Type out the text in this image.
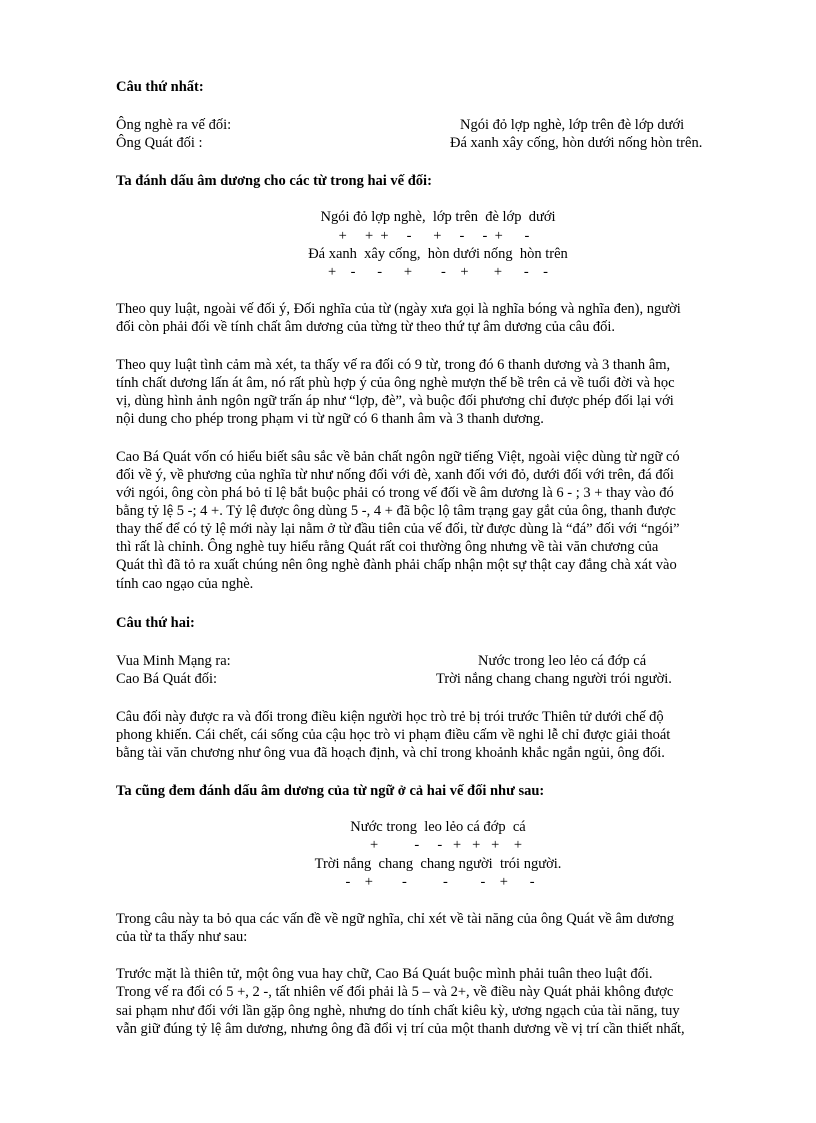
Câu thứ nhất:
Ông nghè ra vế đối:	Ngói đỏ lợp nghè, lớp trên đè lớp dưới
Ông Quát đối :	Đá xanh xây cống, hòn dưới nống hòn trên.
Ta đánh dấu âm dương cho các từ trong hai vế đối:
Ngói đỏ lợp nghè,  lớp trên  đè lớp  dưới
+     +  +     -      +     -     -  +      -
Đá xanh  xây cống,  hòn dưới nống  hòn trên
+    -      -      +        -    +       +      -    -
Theo quy luật, ngoài vế đối ý, Đối nghĩa của từ (ngày xưa gọi là nghĩa bóng và nghĩa đen), người
đối còn phải đối về tính chất âm dương của từng từ theo thứ tự âm dương của câu đối.
Theo quy luật tình cảm mà xét, ta thấy vế ra đối có 9 từ, trong đó 6 thanh dương và 3 thanh âm,
tính chất dương lấn át âm, nó rất phù hợp ý của ông nghè mượn thế bề trên cả về tuổi đời và học
vị, dùng hình ảnh ngôn ngữ trấn áp như “lợp, đè”, và buộc đối phương chỉ được phép đối lại với
nội dung cho phép trong phạm vi từ ngữ có 6 thanh âm và 3 thanh dương.
Cao Bá Quát vốn có hiểu biết sâu sắc về bản chất ngôn ngữ tiếng Việt, ngoài việc dùng từ ngữ có
đối về ý, về phương của nghĩa từ như nống đối với đè, xanh đối với đỏ, dưới đối với trên, đá đối
với ngói, ông còn phá bỏ tỉ lệ bắt buộc phải có trong vế đối về âm dương là 6 - ; 3 + thay vào đó
bằng tỷ lệ 5 -; 4 +. Tỷ lệ được ông dùng 5 -, 4 + đã bộc lộ tâm trạng gay gắt của ông, thanh được
thay thế để có tỷ lệ mới này lại nằm ở từ đầu tiên của vế đối, từ được dùng là “đá” đối với “ngói”
thì rất là chỉnh. Ông nghè tuy hiểu rằng Quát rất coi thường ông nhưng về tài văn chương của
Quát thì đã tỏ ra xuất chúng nên ông nghè đành phải chấp nhận một sự thật cay đắng chà xát vào
tính cao ngạo của nghè.
Câu thứ hai:
Vua Minh Mạng ra:	Nước trong leo lẻo cá đớp cá
Cao Bá Quát đối:	Trời nắng chang chang người trói người.
Câu đối này được ra và đối trong điều kiện người học trò trẻ bị trói trước Thiên tử dưới chế độ
phong khiến. Cái chết, cái sống của cậu học trò vi phạm điều cấm về nghi lễ chỉ được giải thoát
bằng tài văn chương như ông vua đã hoạch định, và chỉ trong khoảnh khắc ngắn ngủi, ông đối.
Ta cũng đem đánh dấu âm dương của từ ngữ ở cả hai vế đối như sau:
Nước trong  leo lẻo cá đớp  cá
+          -     -   +   +   +    +
Trời nắng  chang  chang người  trói người.
-    +        -          -         -    +      -
Trong câu này ta bỏ qua các vấn đề về ngữ nghĩa, chỉ xét về tài năng của ông Quát về âm dương
của từ ta thấy như sau:
Trước mặt là thiên tử, một ông vua hay chữ, Cao Bá Quát buộc mình phải tuân theo luật đối.
Trong vế ra đối có 5 +, 2 -, tất nhiên vế đối phải là 5 – và 2+, về điều này Quát phải không được
sai phạm như đối với lần gặp ông nghè, nhưng do tính chất kiêu kỳ, ương ngạch của tài năng, tuy
vẫn giữ đúng tỷ lệ âm dương, nhưng ông đã đổi vị trí của một thanh dương về vị trí cần thiết nhất,
